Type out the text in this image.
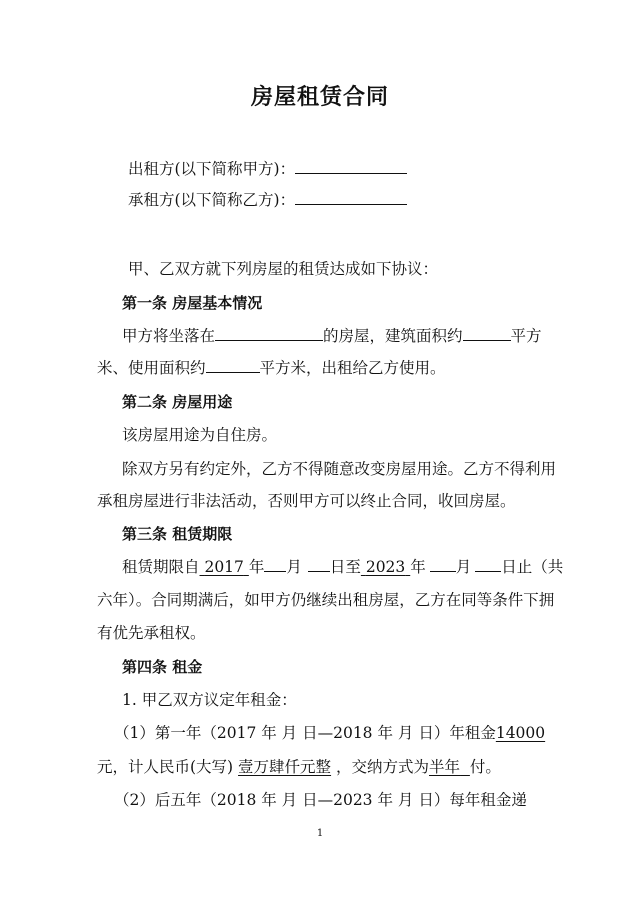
房屋租赁合同
出租方(以下简称甲方)：
承租方(以下简称乙方)：
甲、乙双方就下列房屋的租赁达成如下协议：
第一条 房屋基本情况
甲方将坐落在	的房屋，建筑面积约	平方
米、使用面积约	平方米，出租给乙方使用。
第二条 房屋用途
该房屋用途为自住房。
除双方另有约定外，乙方不得随意改变房屋用途。乙方不得利用
承租房屋进行非法活动，否则甲方可以终止合同，收回房屋。
第三条 租赁期限
租赁期限自 2017 年 月 日至 2023 年 月 日止（共
六年）。合同期满后，如甲方仍继续出租房屋，乙方在同等条件下拥
有优先承租权。
第四条 租金
1. 甲乙双方议定年租金：
（1）第一年（2017 年 月 日—2018 年 月 日）年租金14000
元，计人民币(大写) 壹万肆仟元整 ，交纳方式为半年 付。
（2）后五年（2018 年 月 日—2023 年 月 日）每年租金递
1
